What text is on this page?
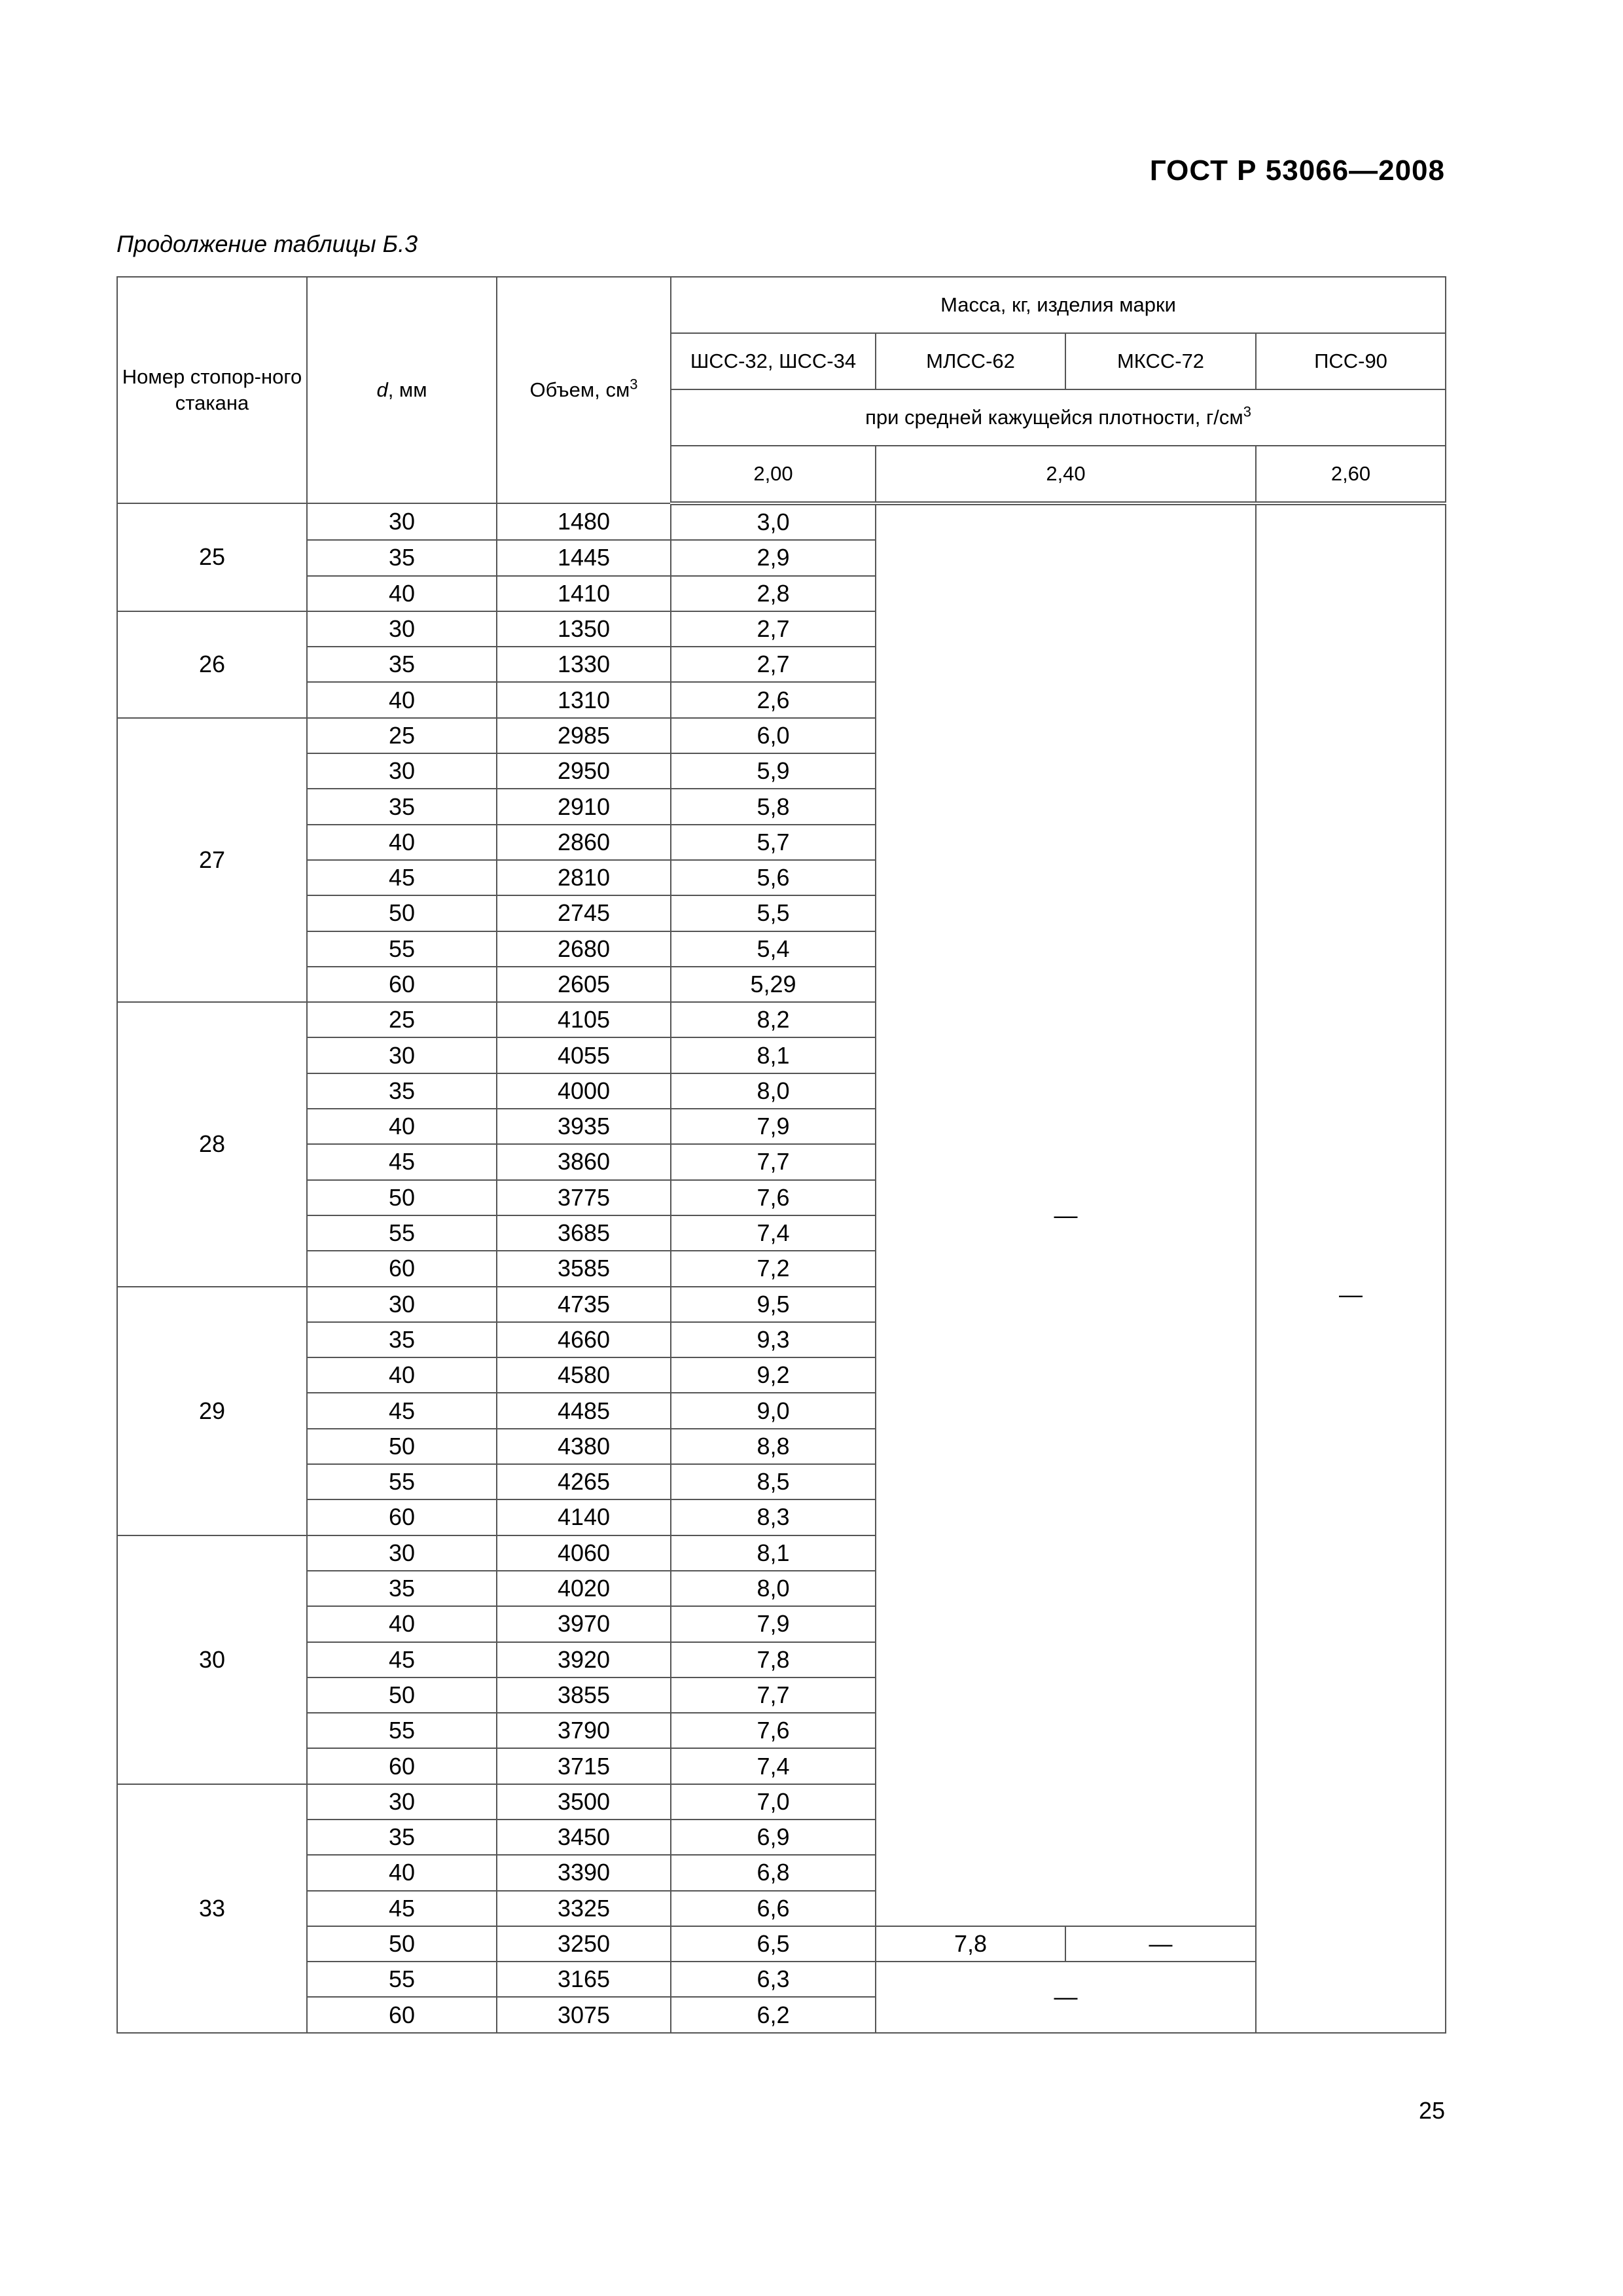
ГОСТ Р 53066—2008
Продолжение таблицы Б.3
Номер стопор-ного стакана	d, мм	Объем, $см^3$	Масса, кг, изделия марки			
			ШСС-32, ШСС-34	МЛСС-62	МКСС-72	ПСС-90
			при средней кажущейся плотности, $г/см^3$
			2,00	2,40		2,60
25	30	1480	3,0	—		—
	35	1445	2,9			
	40	1410	2,8			
26	30	1350	2,7			
	35	1330	2,7			
	40	1310	2,6			
27	25	2985	6,0			
	30	2950	5,9			
	35	2910	5,8			
	40	2860	5,7			
	45	2810	5,6			
	50	2745	5,5			
	55	2680	5,4			
	60	2605	5,29			
28	25	4105	8,2			
	30	4055	8,1			
	35	4000	8,0			
	40	3935	7,9			
	45	3860	7,7			
	50	3775	7,6			
	55	3685	7,4			
	60	3585	7,2			
29	30	4735	9,5			
	35	4660	9,3			
	40	4580	9,2			
	45	4485	9,0			
	50	4380	8,8			
	55	4265	8,5			
	60	4140	8,3			
30	30	4060	8,1			
	35	4020	8,0			
	40	3970	7,9			
	45	3920	7,8			
	50	3855	7,7			
	55	3790	7,6			
	60	3715	7,4			
33	30	3500	7,0			
	35	3450	6,9			
	40	3390	6,8			
	45	3325	6,6			
	50	3250	6,5	7,8	—	
	55	3165	6,3	—		
	60	3075	6,2			
25
